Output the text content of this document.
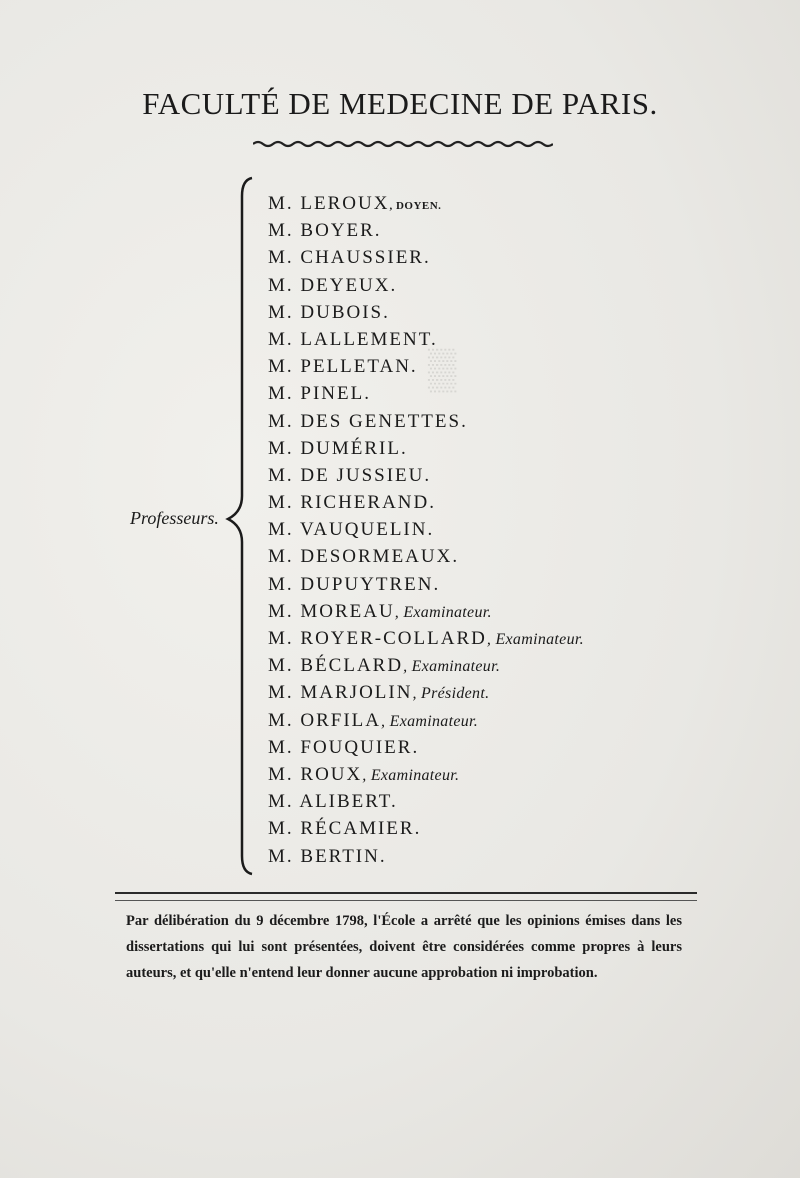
▒
FACULTÉ DE MEDECINE DE PARIS.
Professeurs.
M. LEROUX, DOYEN.
M. BOYER.
M. CHAUSSIER.
M. DEYEUX.
M. DUBOIS.
M. LALLEMENT.
M. PELLETAN.
M. PINEL.
M. DES GENETTES.
M. DUMÉRIL.
M. DE JUSSIEU.
M. RICHERAND.
M. VAUQUELIN.
M. DESORMEAUX.
M. DUPUYTREN.
M. MOREAU, Examinateur.
M. ROYER-COLLARD, Examinateur.
M. BÉCLARD, Examinateur.
M. MARJOLIN, Président.
M. ORFILA, Examinateur.
M. FOUQUIER.
M. ROUX, Examinateur.
M. ALIBERT.
M. RÉCAMIER.
M. BERTIN.
Par délibération du 9 décembre 1798, l'École a arrêté que les opinions émises dans les dissertations qui lui sont présentées, doivent être considérées comme propres à leurs auteurs, et qu'elle n'entend leur donner aucune approbation ni improbation.
